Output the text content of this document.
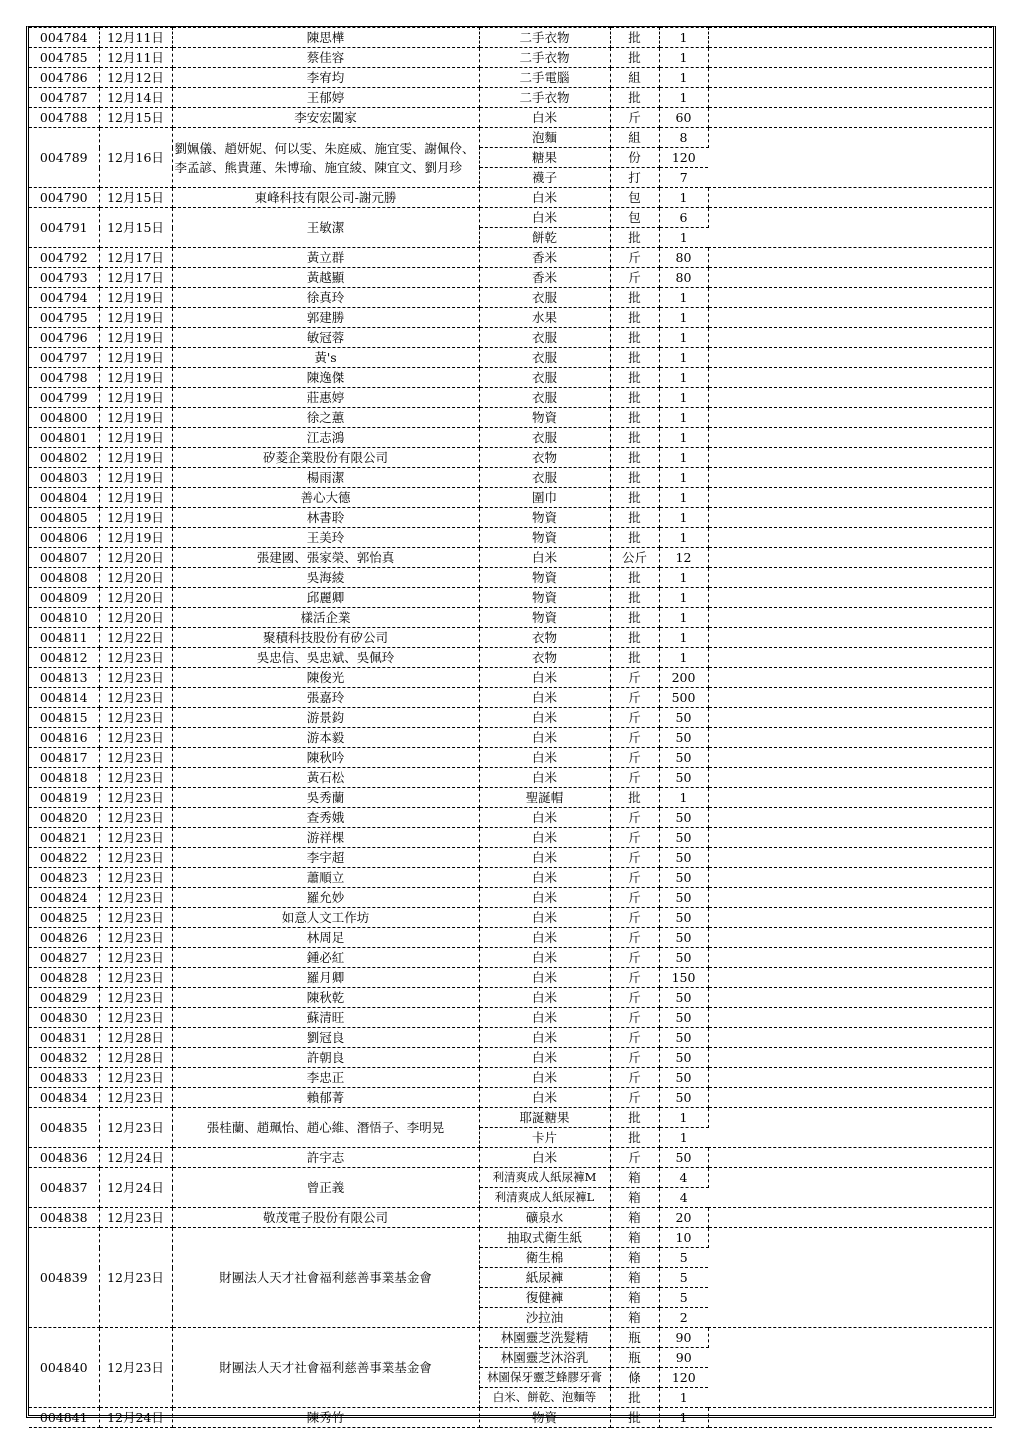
004784	12月11日	陳思樺	二手衣物	批	1	
004785	12月11日	蔡佳容	二手衣物	批	1	
004786	12月12日	李宥均	二手電腦	組	1	
004787	12月14日	王郁婷	二手衣物	批	1	
004788	12月15日	李安宏闔家	白米	斤	60	
004789	12月16日	劉姵儀、趙妍妮、何以雯、朱庭威、施宜雯、謝佩伶、李孟諺、熊貴蓮、朱博瑜、施宜綾、陳宜文、劉月珍	泡麵	組	8	
			糖果	份	120	
			襪子	打	7	
004790	12月15日	東峰科技有限公司-謝元勝	白米	包	1	
004791	12月15日	王敏潔	白米	包	6	
			餅乾	批	1	
004792	12月17日	黃立群	香米	斤	80	
004793	12月17日	黃越顯	香米	斤	80	
004794	12月19日	徐真玲	衣服	批	1	
004795	12月19日	郭建勝	水果	批	1	
004796	12月19日	敏冠蓉	衣服	批	1	
004797	12月19日	黃's	衣服	批	1	
004798	12月19日	陳逸傑	衣服	批	1	
004799	12月19日	莊惠婷	衣服	批	1	
004800	12月19日	徐之蕙	物資	批	1	
004801	12月19日	江志鴻	衣服	批	1	
004802	12月19日	矽菱企業股份有限公司	衣物	批	1	
004803	12月19日	楊雨潔	衣服	批	1	
004804	12月19日	善心大德	圍巾	批	1	
004805	12月19日	林書聆	物資	批	1	
004806	12月19日	王美玲	物資	批	1	
004807	12月20日	張建國、張家榮、郭怡真	白米	公斤	12	
004808	12月20日	吳海綾	物資	批	1	
004809	12月20日	邱麗卿	物資	批	1	
004810	12月20日	樣活企業	物資	批	1	
004811	12月22日	聚積科技股份有矽公司	衣物	批	1	
004812	12月23日	吳忠信、吳忠斌、吳佩玲	衣物	批	1	
004813	12月23日	陳俊光	白米	斤	200	
004814	12月23日	張嘉玲	白米	斤	500	
004815	12月23日	游景鈞	白米	斤	50	
004816	12月23日	游本毅	白米	斤	50	
004817	12月23日	陳秋吟	白米	斤	50	
004818	12月23日	黃石松	白米	斤	50	
004819	12月23日	吳秀蘭	聖誕帽	批	1	
004820	12月23日	查秀娥	白米	斤	50	
004821	12月23日	游祥棵	白米	斤	50	
004822	12月23日	李宇超	白米	斤	50	
004823	12月23日	蕭順立	白米	斤	50	
004824	12月23日	羅允妙	白米	斤	50	
004825	12月23日	如意人文工作坊	白米	斤	50	
004826	12月23日	林周足	白米	斤	50	
004827	12月23日	鍾必紅	白米	斤	50	
004828	12月23日	羅月卿	白米	斤	150	
004829	12月23日	陳秋乾	白米	斤	50	
004830	12月23日	蘇清旺	白米	斤	50	
004831	12月28日	劉冠良	白米	斤	50	
004832	12月28日	許朝良	白米	斤	50	
004833	12月23日	李忠正	白米	斤	50	
004834	12月23日	賴郁菁	白米	斤	50	
004835	12月23日	張桂蘭、趙珮怡、趙心維、潛悟子、李明晃	耶誕糖果	批	1	
			卡片	批	1	
004836	12月24日	許宇志	白米	斤	50	
004837	12月24日	曾正義	利清爽成人紙尿褲M	箱	4	
			利清爽成人紙尿褲L	箱	4	
004838	12月23日	敬茂電子股份有限公司	礦泉水	箱	20	
004839	12月23日	財團法人天才社會福利慈善事業基金會	抽取式衛生紙	箱	10	
			衛生棉	箱	5	
			紙尿褲	箱	5	
			復健褲	箱	5	
			沙拉油	箱	2	
004840	12月23日	財團法人天才社會福利慈善事業基金會	林園靈芝洗髮精	瓶	90	
			林園靈芝沐浴乳	瓶	90	
			林園保牙靈芝蜂膠牙膏	條	120	
			白米、餅乾、泡麵等	批	1	
004841	12月24日	陳秀竹	物資	批	1	
